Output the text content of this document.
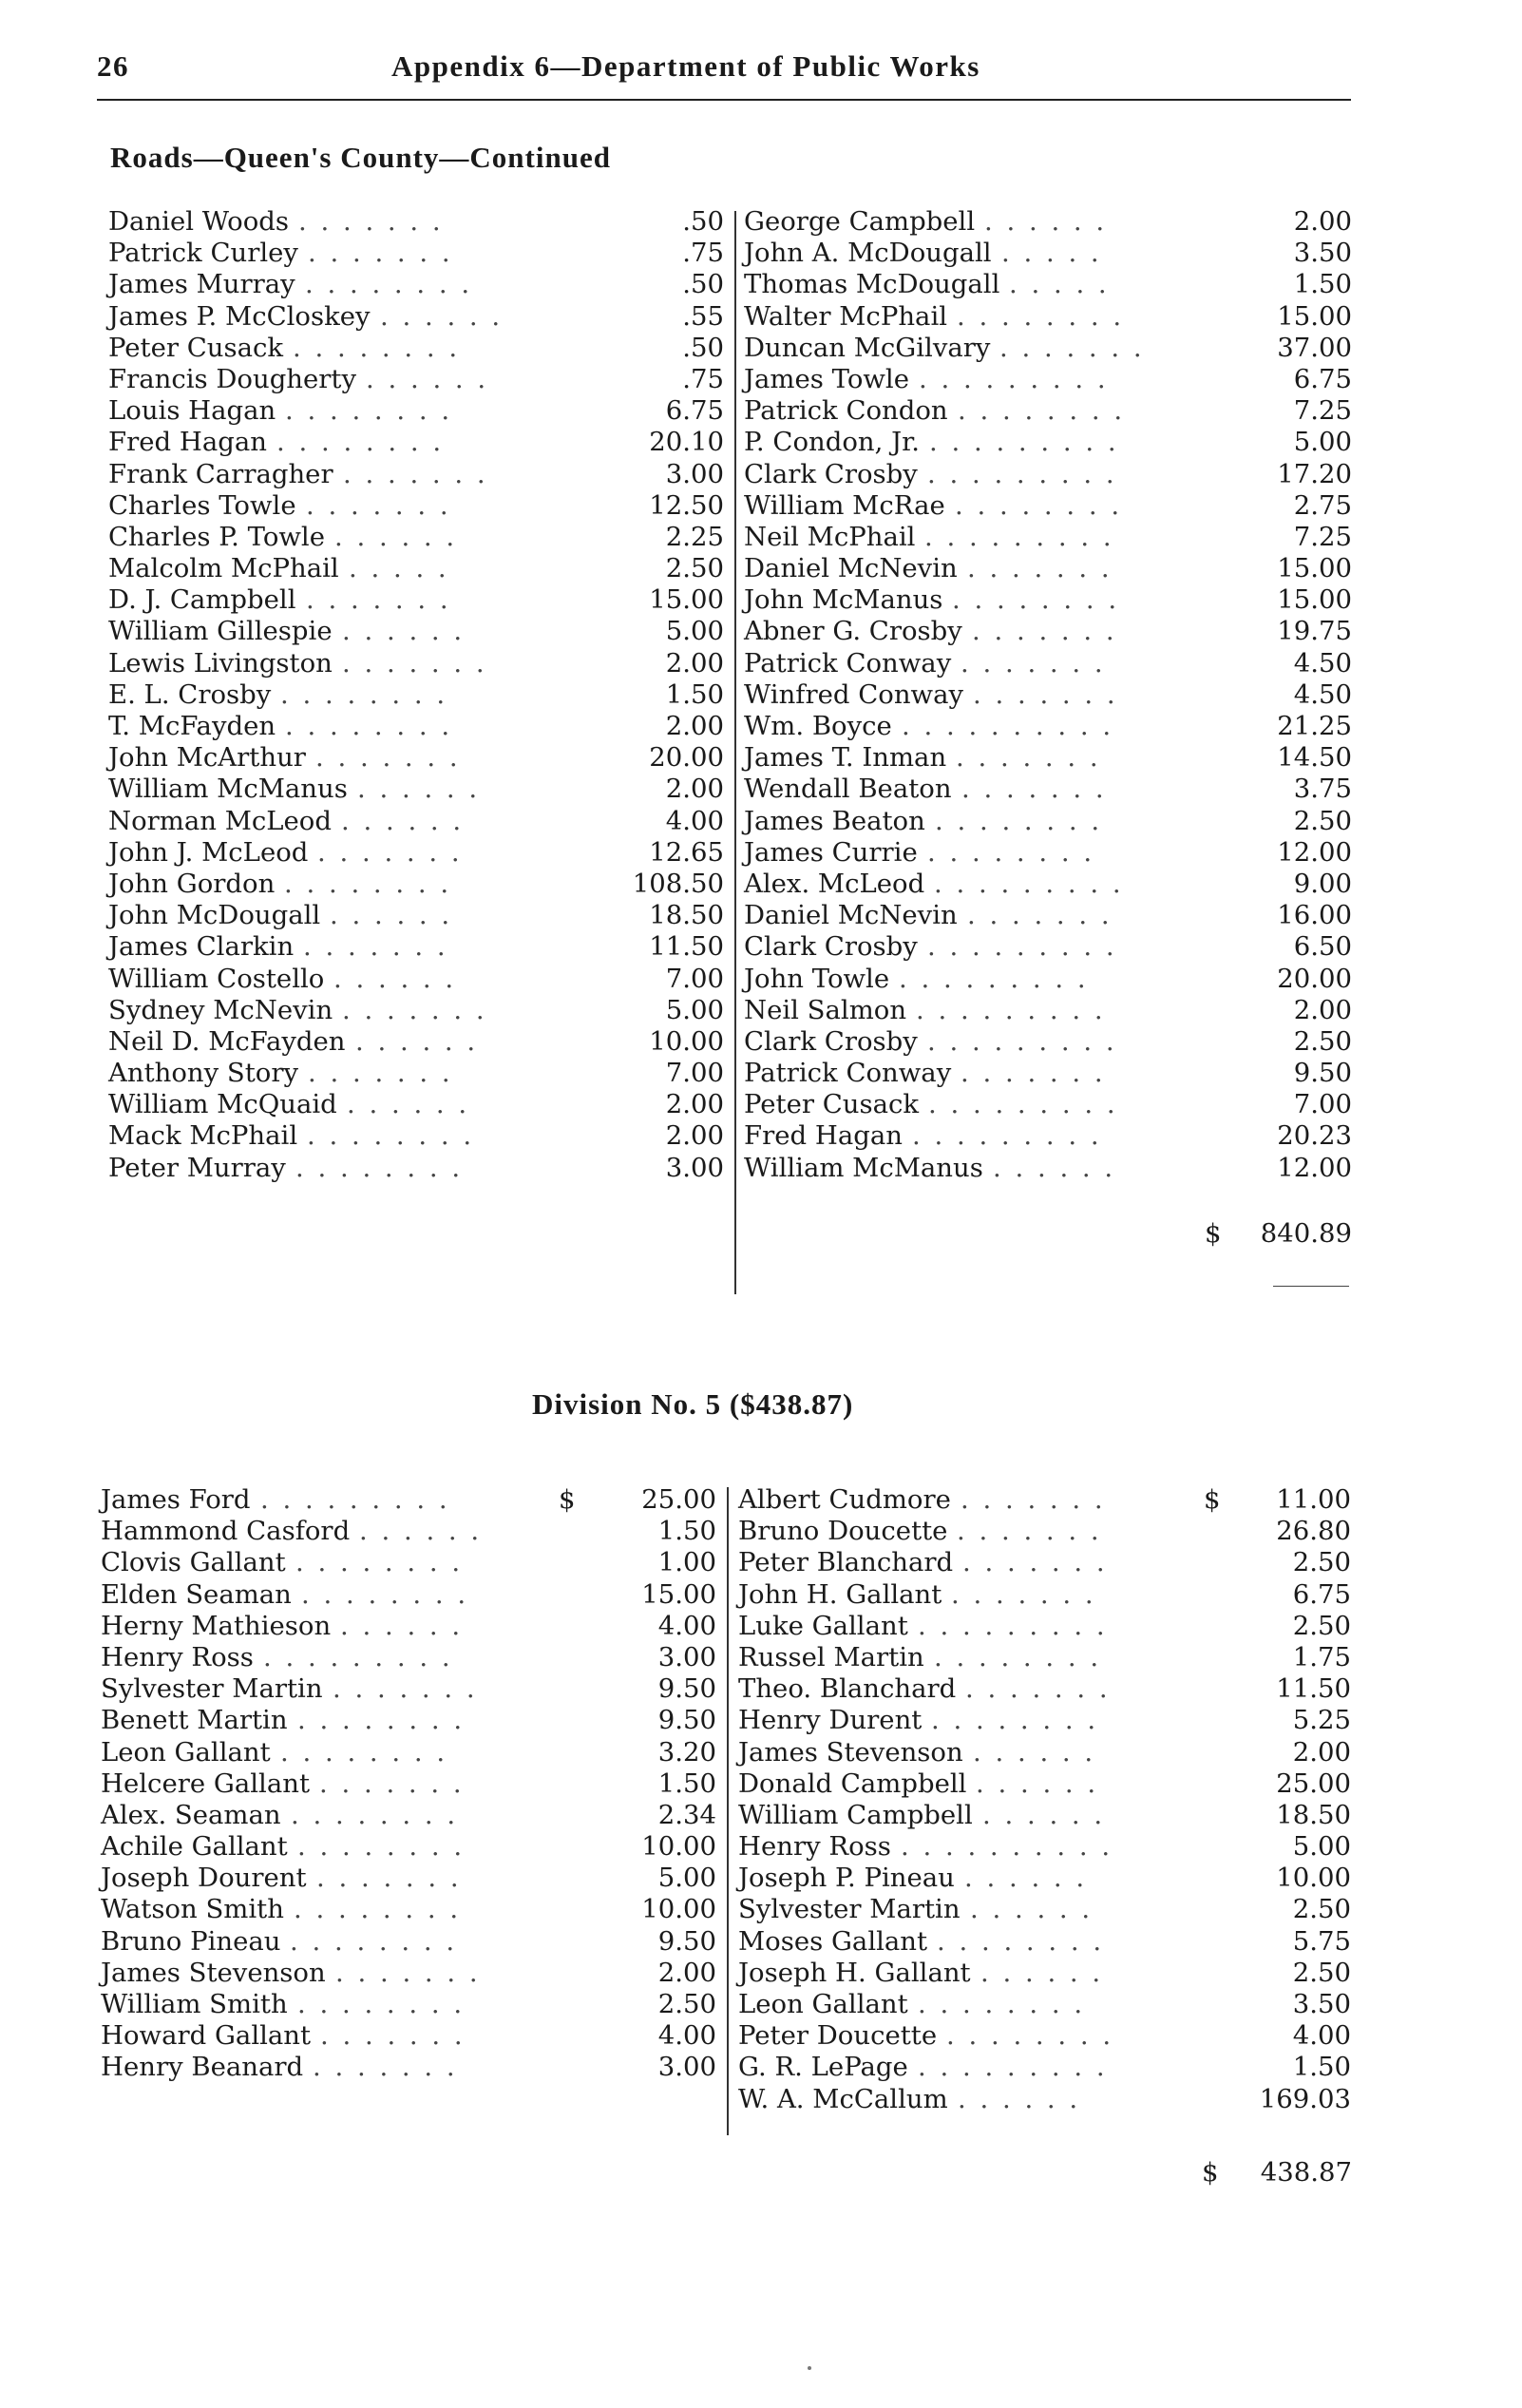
26	Appendix 6—Department of Public Works
Roads—Queen's County—Continued
Daniel Woods . . . . . . .	.50
Patrick Curley . . . . . . .	.75
James Murray . . . . . . . .	.50
James P. McCloskey . . . . . .	.55
Peter Cusack . . . . . . . .	.50
Francis Dougherty . . . . . .	.75
Louis Hagan . . . . . . . .	6.75
Fred Hagan . . . . . . . .	20.10
Frank Carragher . . . . . . .	3.00
Charles Towle . . . . . . .	12.50
Charles P. Towle . . . . . .	2.25
Malcolm McPhail . . . . .	2.50
D. J. Campbell . . . . . . .	15.00
William Gillespie . . . . . .	5.00
Lewis Livingston . . . . . . .	2.00
E. L. Crosby . . . . . . . .	1.50
T. McFayden . . . . . . . .	2.00
John McArthur . . . . . . .	20.00
William McManus . . . . . .	2.00
Norman McLeod . . . . . .	4.00
John J. McLeod . . . . . . .	12.65
John Gordon . . . . . . . .	108.50
John McDougall . . . . . .	18.50
James Clarkin . . . . . . .	11.50
William Costello . . . . . .	7.00
Sydney McNevin . . . . . . .	5.00
Neil D. McFayden . . . . . .	10.00
Anthony Story . . . . . . .	7.00
William McQuaid . . . . . .	2.00
Mack McPhail . . . . . . . .	2.00
Peter Murray . . . . . . . .	3.00
George Campbell . . . . . .	2.00
John A. McDougall . . . . .	3.50
Thomas McDougall . . . . .	1.50
Walter McPhail . . . . . . . .	15.00
Duncan McGilvary . . . . . . .	37.00
James Towle . . . . . . . . .	6.75
Patrick Condon . . . . . . . .	7.25
P. Condon, Jr. . . . . . . . . .	5.00
Clark Crosby . . . . . . . . .	17.20
William McRae . . . . . . . .	2.75
Neil McPhail . . . . . . . . .	7.25
Daniel McNevin . . . . . . .	15.00
John McManus . . . . . . . .	15.00
Abner G. Crosby . . . . . . .	19.75
Patrick Conway . . . . . . .	4.50
Winfred Conway . . . . . . .	4.50
Wm. Boyce . . . . . . . . . .	21.25
James T. Inman . . . . . . .	14.50
Wendall Beaton . . . . . . .	3.75
James Beaton . . . . . . . .	2.50
James Currie . . . . . . . .	12.00
Alex. McLeod . . . . . . . . .	9.00
Daniel McNevin . . . . . . .	16.00
Clark Crosby . . . . . . . . .	6.50
John Towle . . . . . . . . .	20.00
Neil Salmon . . . . . . . . .	2.00
Clark Crosby . . . . . . . . .	2.50
Patrick Conway . . . . . . .	9.50
Peter Cusack . . . . . . . . .	7.00
Fred Hagan . . . . . . . . .	20.23
William McManus . . . . . .	12.00
$ 840.89
Division No. 5 ($438.87)
James Ford . . . . . . . . .	$	25.00
Hammond Casford . . . . . .	1.50
Clovis Gallant . . . . . . . .	1.00
Elden Seaman . . . . . . . .	15.00
Herny Mathieson . . . . . .	4.00
Henry Ross . . . . . . . . .	3.00
Sylvester Martin . . . . . . .	9.50
Benett Martin . . . . . . . .	9.50
Leon Gallant . . . . . . . .	3.20
Helcere Gallant . . . . . . .	1.50
Alex. Seaman . . . . . . . .	2.34
Achile Gallant . . . . . . . .	10.00
Joseph Dourent . . . . . . .	5.00
Watson Smith . . . . . . . .	10.00
Bruno Pineau . . . . . . . .	9.50
James Stevenson . . . . . . .	2.00
William Smith . . . . . . . .	2.50
Howard Gallant . . . . . . .	4.00
Henry Beanard . . . . . . .	3.00
Albert Cudmore . . . . . . .	$ 11.00
Bruno Doucette . . . . . . .	26.80
Peter Blanchard . . . . . . .	2.50
John H. Gallant . . . . . . .	6.75
Luke Gallant . . . . . . . . .	2.50
Russel Martin . . . . . . . .	1.75
Theo. Blanchard . . . . . . .	11.50
Henry Durent . . . . . . . .	5.25
James Stevenson . . . . . .	2.00
Donald Campbell . . . . . .	25.00
William Campbell . . . . . .	18.50
Henry Ross . . . . . . . . . .	5.00
Joseph P. Pineau . . . . . .	10.00
Sylvester Martin . . . . . .	2.50
Moses Gallant . . . . . . . .	5.75
Joseph H. Gallant . . . . . .	2.50
Leon Gallant . . . . . . . .	3.50
Peter Doucette . . . . . . . .	4.00
G. R. LePage . . . . . . . . .	1.50
W. A. McCallum . . . . . .	169.03
$ 438.87
